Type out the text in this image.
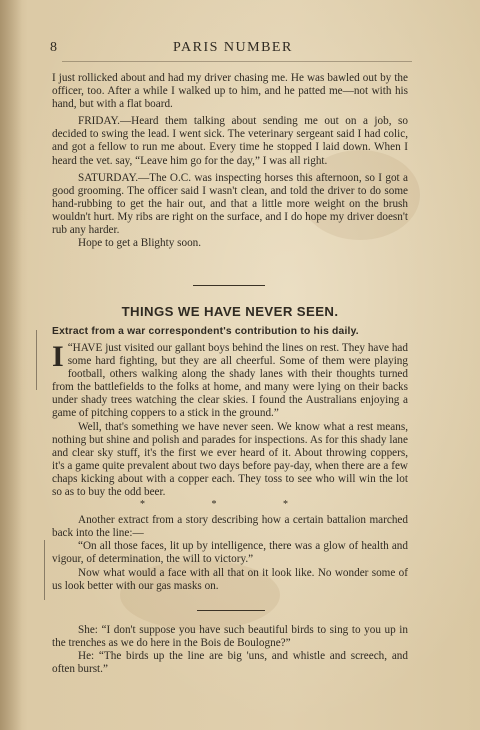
8	PARIS NUMBER

I just rollicked about and had my driver chasing me. He was bawled out by the officer, too. After a while I walked up to him, and he patted me—not with his hand, but with a flat board.

FRIDAY.—Heard them talking about sending me out on a job, so decided to swing the lead. I went sick. The veterinary sergeant said I had colic, and got a fellow to run me about. Every time he stopped I laid down. When I heard the vet. say, “Leave him go for the day,” I was all right.

SATURDAY.—The O.C. was inspecting horses this afternoon, so I got a good grooming. The officer said I wasn't clean, and told the driver to do some hand-rubbing to get the hair out, and that a little more weight on the brush wouldn't hurt. My ribs are right on the surface, and I do hope my driver doesn't rub any harder.

Hope to get a Blighty soon.

THINGS WE HAVE NEVER SEEN.
Extract from a war correspondent's contribution to his daily.

“
I HAVE just visited our gallant boys behind the lines on rest. They have had some hard fighting, but they are all cheerful. Some of them were playing football, others walking along the shady lanes with their thoughts turned from the battlefields to the folks at home, and many were lying on their backs under shady trees watching the clear skies. I found the Australians enjoying a game of pitching coppers to a stick in the ground.”

Well, that's something we have never seen. We know what a rest means, nothing but shine and polish and parades for inspections. As for this shady lane and clear sky stuff, it's the first we ever heard of it. About throwing coppers, it's a game quite prevalent about two days before pay-day, when there are a few chaps kicking about with a copper each. They toss to see who will win the lot so as to buy the odd beer.

* * *

Another extract from a story describing how a certain battalion marched back into the line:—

“On all those faces, lit up by intelligence, there was a glow of health and vigour, of determination, the will to victory.”

Now what would a face with all that on it look like. No wonder some of us look better with our gas masks on.

She: “I don't suppose you have such beautiful birds to sing to you up in the trenches as we do here in the Bois de Boulogne?”

He: “The birds up the line are big 'uns, and whistle and screech, and often burst.”
